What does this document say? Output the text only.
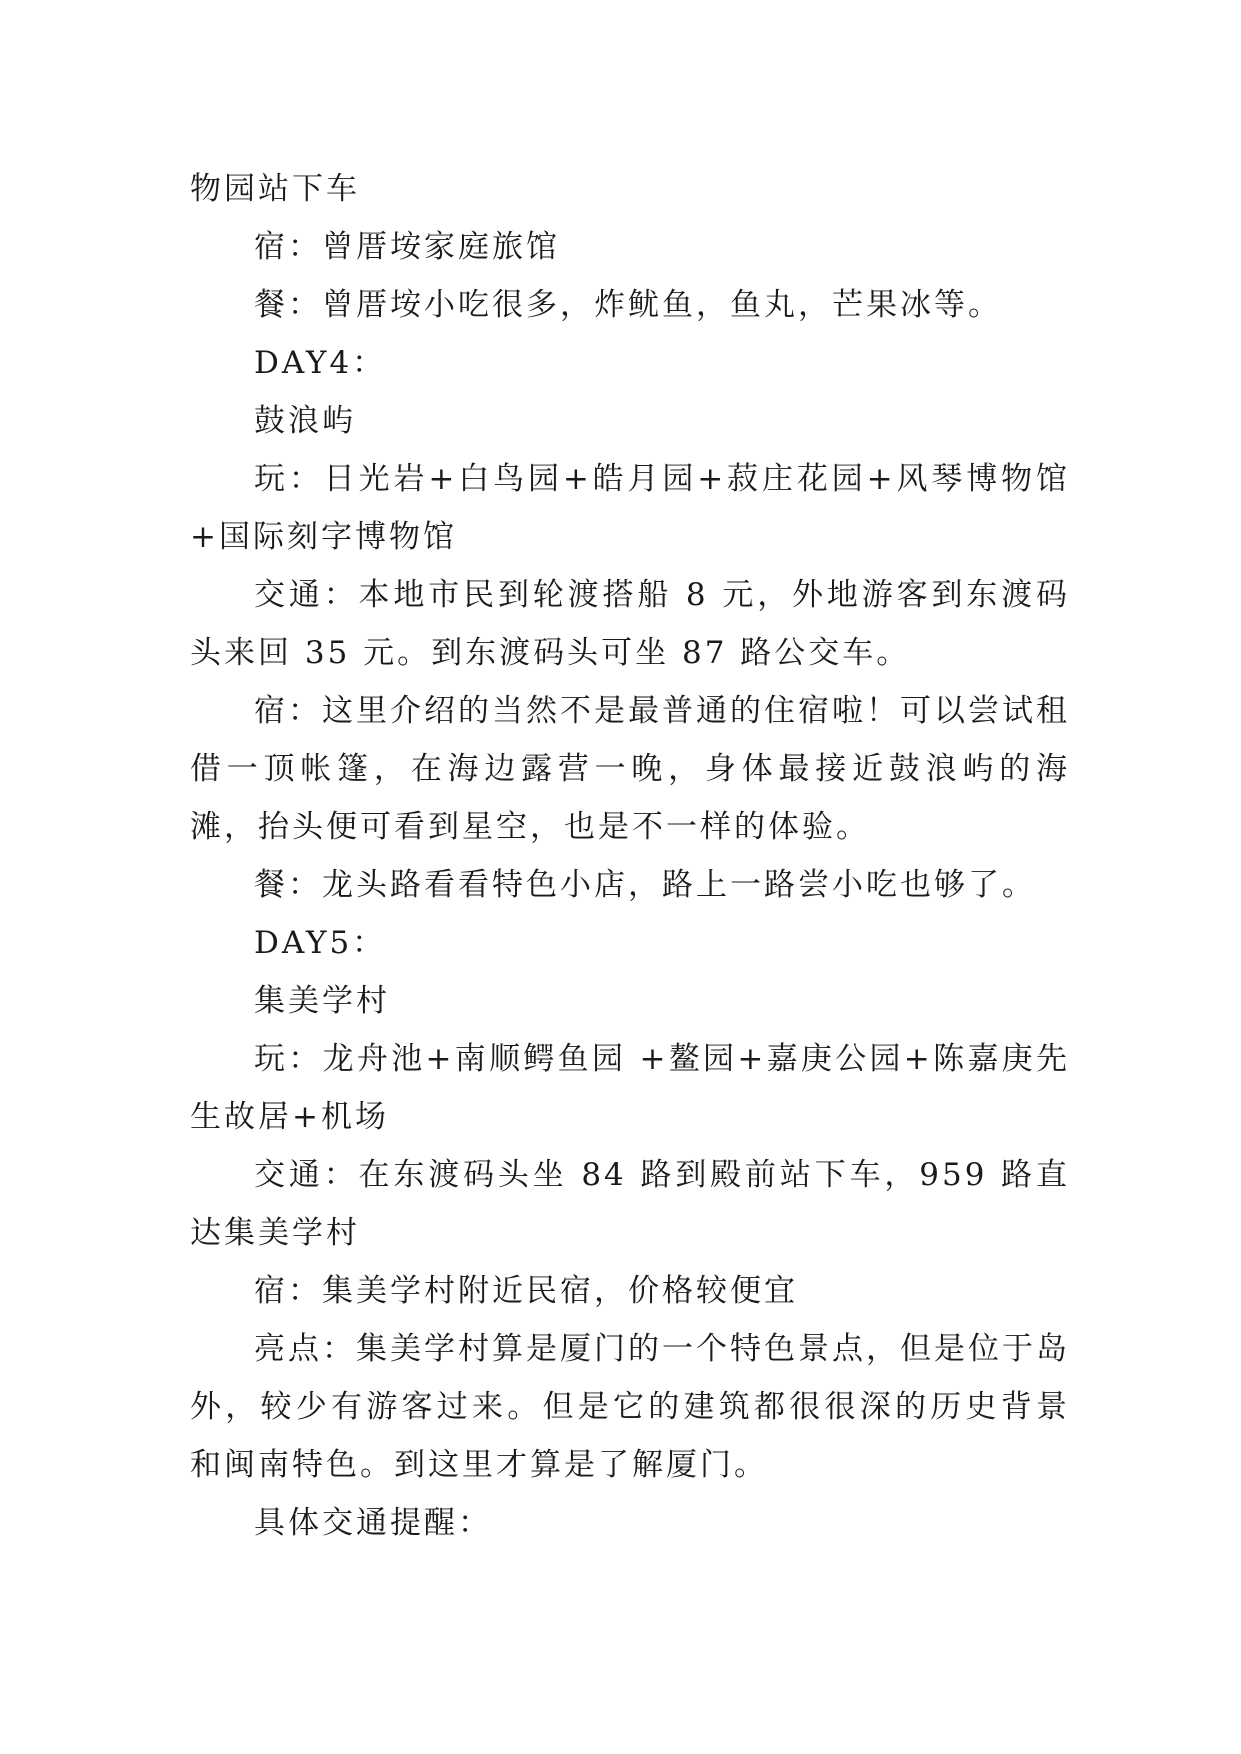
物园站下车

宿：曾厝垵家庭旅馆

餐：曾厝垵小吃很多，炸鱿鱼，鱼丸，芒果冰等。

DAY4：

鼓浪屿

玩：日光岩+白鸟园+皓月园+菽庄花园+风琴博物馆+国际刻字博物馆

交通：本地市民到轮渡搭船 8 元，外地游客到东渡码头来回 35 元。到东渡码头可坐 87 路公交车。

宿：这里介绍的当然不是最普通的住宿啦！可以尝试租借一顶帐篷，在海边露营一晚，身体最接近鼓浪屿的海滩，抬头便可看到星空，也是不一样的体验。

餐：龙头路看看特色小店，路上一路尝小吃也够了。

DAY5：

集美学村

玩：龙舟池+南顺鳄鱼园 +鳌园+嘉庚公园+陈嘉庚先生故居+机场

交通：在东渡码头坐 84 路到殿前站下车，959 路直达集美学村

宿：集美学村附近民宿，价格较便宜

亮点：集美学村算是厦门的一个特色景点，但是位于岛外，较少有游客过来。但是它的建筑都很很深的历史背景和闽南特色。到这里才算是了解厦门。

具体交通提醒：
